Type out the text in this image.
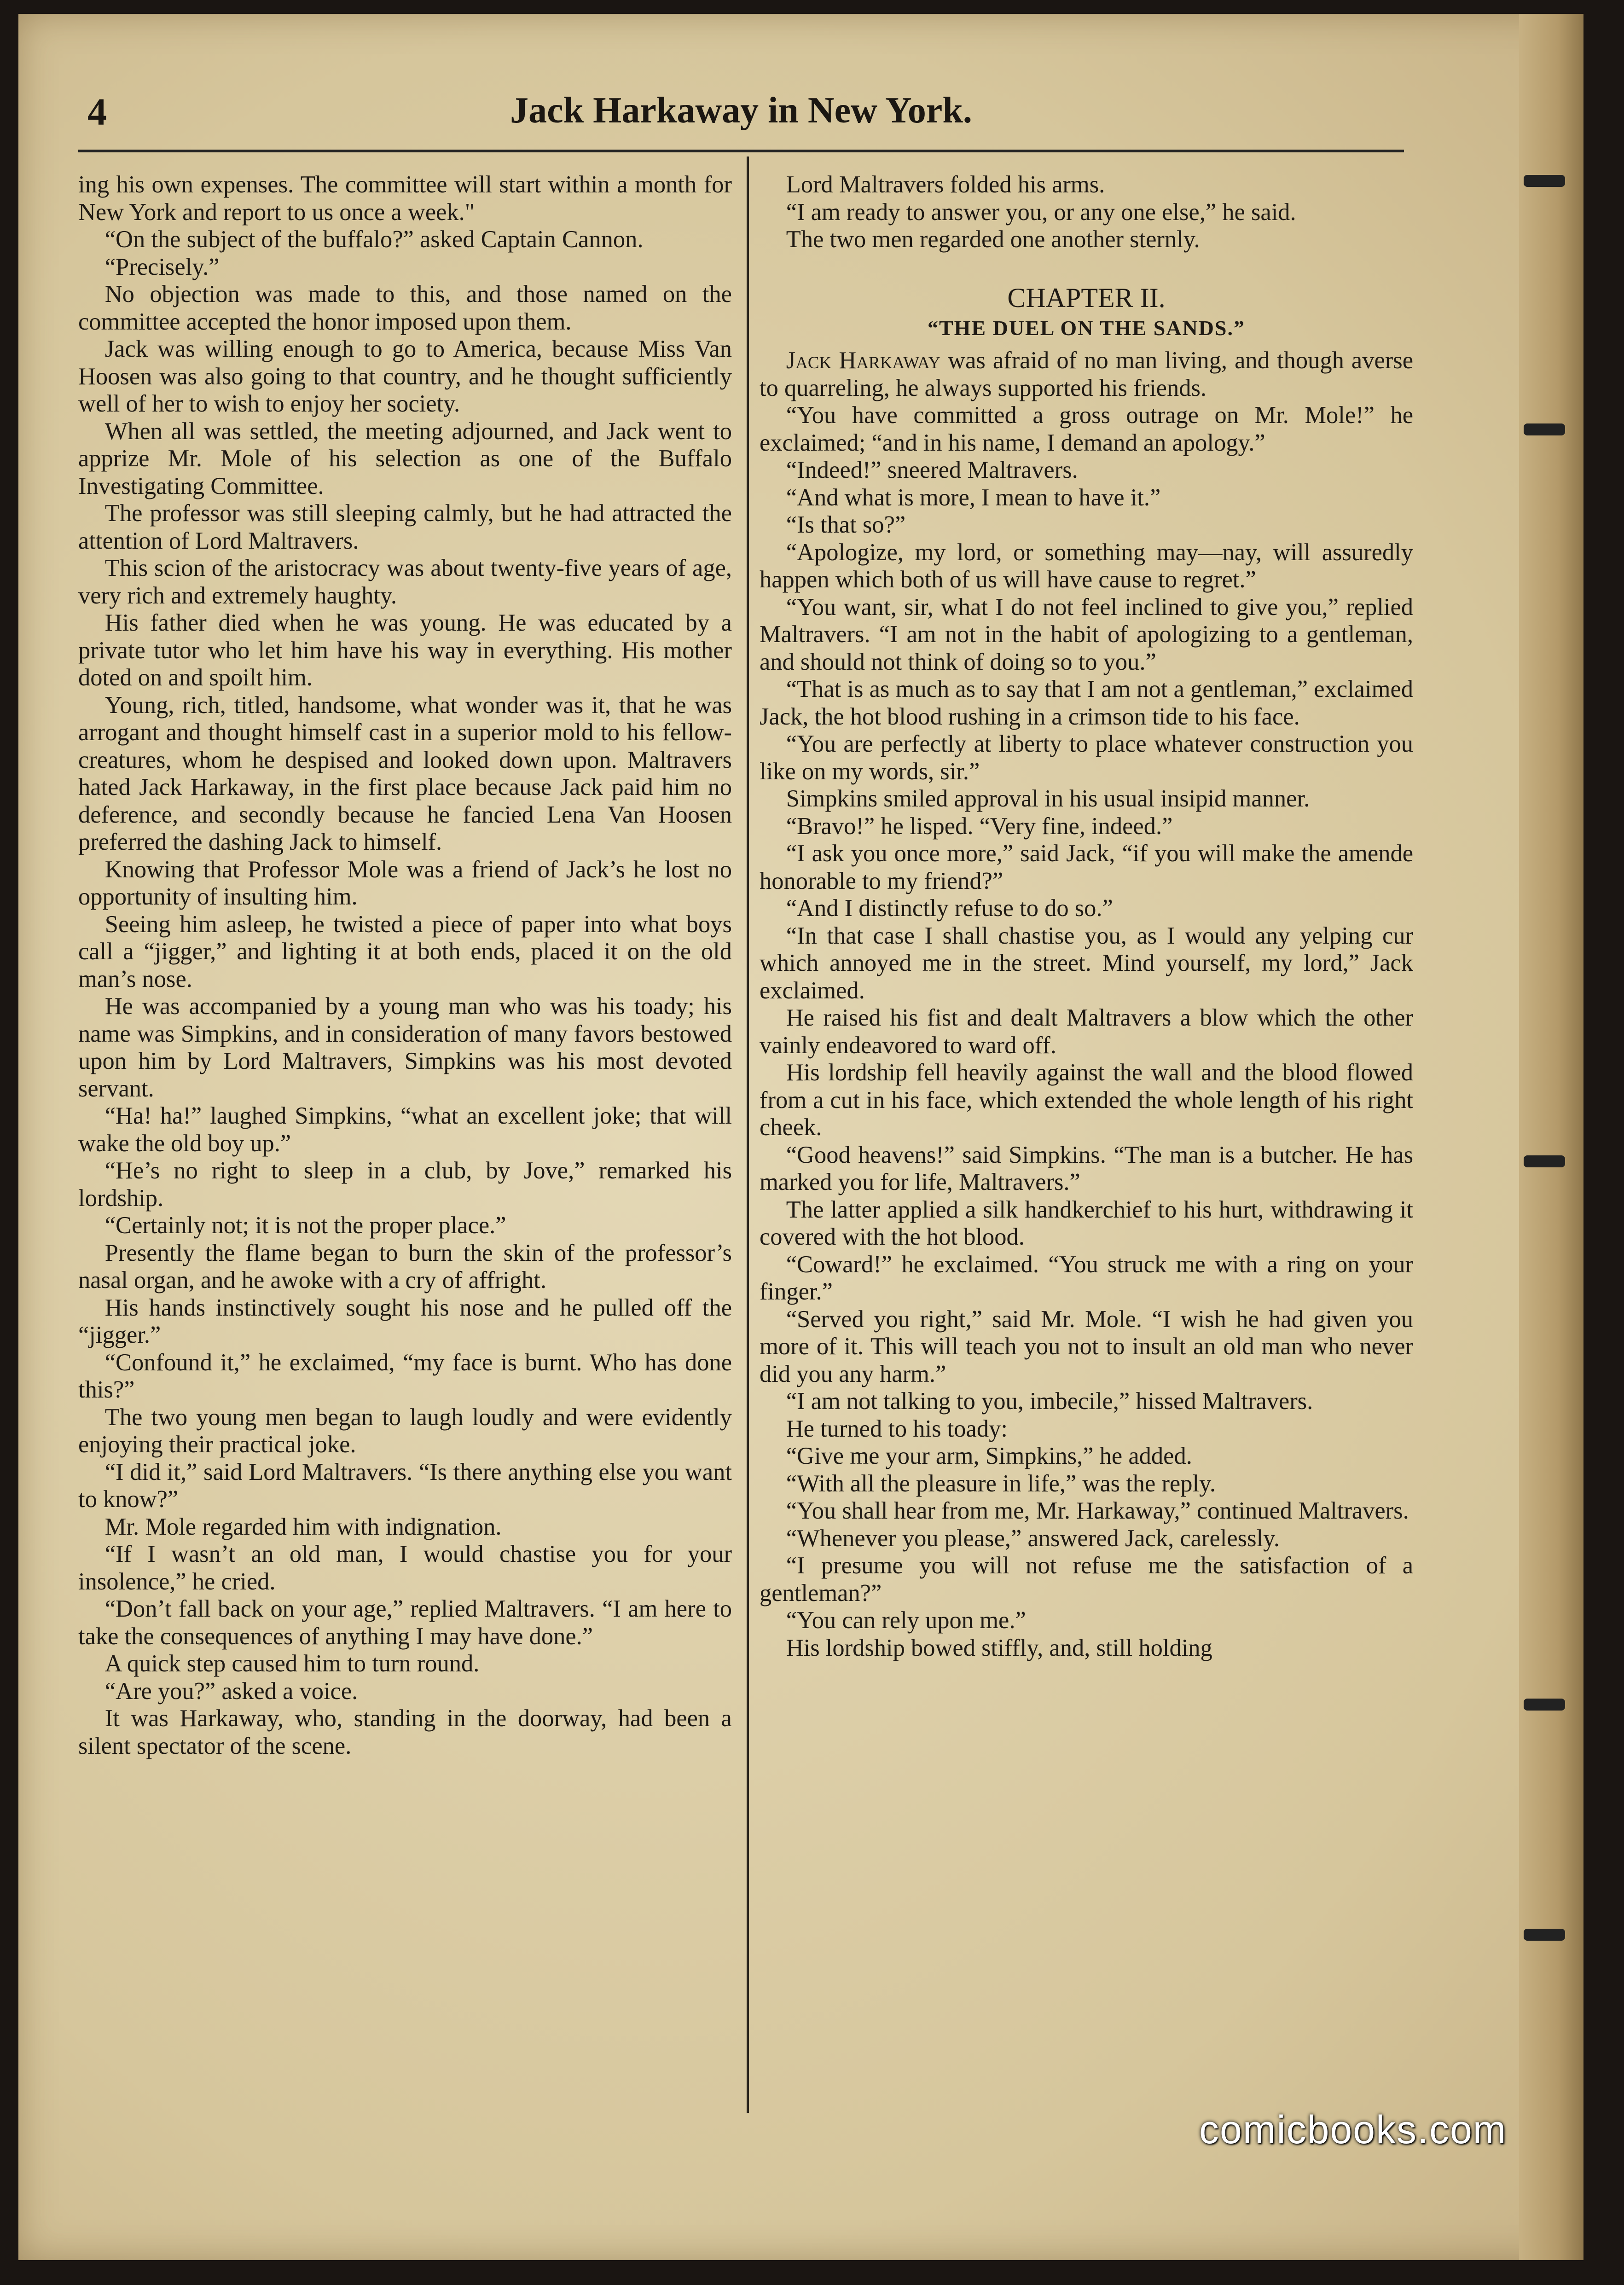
4	Jack Harkaway in New York.

ing his own expenses. The committee will start within a month for New York and report to us once a week."

“On the subject of the buffalo?” asked Captain Cannon.

“Precisely.”

No objection was made to this, and those named on the committee accepted the honor imposed upon them.

Jack was willing enough to go to America, because Miss Van Hoosen was also going to that country, and he thought sufficiently well of her to wish to enjoy her society.

When all was settled, the meeting adjourned, and Jack went to apprize Mr. Mole of his selection as one of the Buffalo Investigating Committee.

The professor was still sleeping calmly, but he had attracted the attention of Lord Maltravers.

This scion of the aristocracy was about twenty-five years of age, very rich and extremely haughty.

His father died when he was young. He was educated by a private tutor who let him have his way in everything. His mother doted on and spoilt him.

Young, rich, titled, handsome, what wonder was it, that he was arrogant and thought himself cast in a superior mold to his fellow-creatures, whom he despised and looked down upon. Maltravers hated Jack Harkaway, in the first place because Jack paid him no deference, and secondly because he fancied Lena Van Hoosen preferred the dashing Jack to himself.

Knowing that Professor Mole was a friend of Jack’s he lost no opportunity of insulting him.

Seeing him asleep, he twisted a piece of paper into what boys call a “jigger,” and lighting it at both ends, placed it on the old man’s nose.

He was accompanied by a young man who was his toady; his name was Simpkins, and in consideration of many favors bestowed upon him by Lord Maltravers, Simpkins was his most devoted servant.

“Ha! ha!” laughed Simpkins, “what an excellent joke; that will wake the old boy up.”

“He’s no right to sleep in a club, by Jove,” remarked his lordship.

“Certainly not; it is not the proper place.”

Presently the flame began to burn the skin of the professor’s nasal organ, and he awoke with a cry of affright.

His hands instinctively sought his nose and he pulled off the “jigger.”

“Confound it,” he exclaimed, “my face is burnt. Who has done this?”

The two young men began to laugh loudly and were evidently enjoying their practical joke.

“I did it,” said Lord Maltravers. “Is there anything else you want to know?”

Mr. Mole regarded him with indignation.

“If I wasn’t an old man, I would chastise you for your insolence,” he cried.

“Don’t fall back on your age,” replied Maltravers. “I am here to take the consequences of anything I may have done.”

A quick step caused him to turn round.

“Are you?” asked a voice.

It was Harkaway, who, standing in the doorway, had been a silent spectator of the scene.

Lord Maltravers folded his arms.

“I am ready to answer you, or any one else,” he said.

The two men regarded one another sternly.

CHAPTER II.
“THE DUEL ON THE SANDS.”

Jack Harkaway was afraid of no man living, and though averse to quarreling, he always supported his friends.

“You have committed a gross outrage on Mr. Mole!” he exclaimed; “and in his name, I demand an apology.”

“Indeed!” sneered Maltravers.

“And what is more, I mean to have it.”

“Is that so?”

“Apologize, my lord, or something may—nay, will assuredly happen which both of us will have cause to regret.”

“You want, sir, what I do not feel inclined to give you,” replied Maltravers. “I am not in the habit of apologizing to a gentleman, and should not think of doing so to you.”

“That is as much as to say that I am not a gentleman,” exclaimed Jack, the hot blood rushing in a crimson tide to his face.

“You are perfectly at liberty to place whatever construction you like on my words, sir.”

Simpkins smiled approval in his usual insipid manner.

“Bravo!” he lisped. “Very fine, indeed.”

“I ask you once more,” said Jack, “if you will make the amende honorable to my friend?”

“And I distinctly refuse to do so.”

“In that case I shall chastise you, as I would any yelping cur which annoyed me in the street. Mind yourself, my lord,” Jack exclaimed.

He raised his fist and dealt Maltravers a blow which the other vainly endeavored to ward off.

His lordship fell heavily against the wall and the blood flowed from a cut in his face, which extended the whole length of his right cheek.

“Good heavens!” said Simpkins. “The man is a butcher. He has marked you for life, Maltravers.”

The latter applied a silk handkerchief to his hurt, withdrawing it covered with the hot blood.

“Coward!” he exclaimed. “You struck me with a ring on your finger.”

“Served you right,” said Mr. Mole. “I wish he had given you more of it. This will teach you not to insult an old man who never did you any harm.”

“I am not talking to you, imbecile,” hissed Maltravers.

He turned to his toady:

“Give me your arm, Simpkins,” he added.

“With all the pleasure in life,” was the reply.

“You shall hear from me, Mr. Harkaway,” continued Maltravers.

“Whenever you please,” answered Jack, carelessly.

“I presume you will not refuse me the satisfaction of a gentleman?”

“You can rely upon me.”

His lordship bowed stiffly, and, still holding

comicbooks.com
